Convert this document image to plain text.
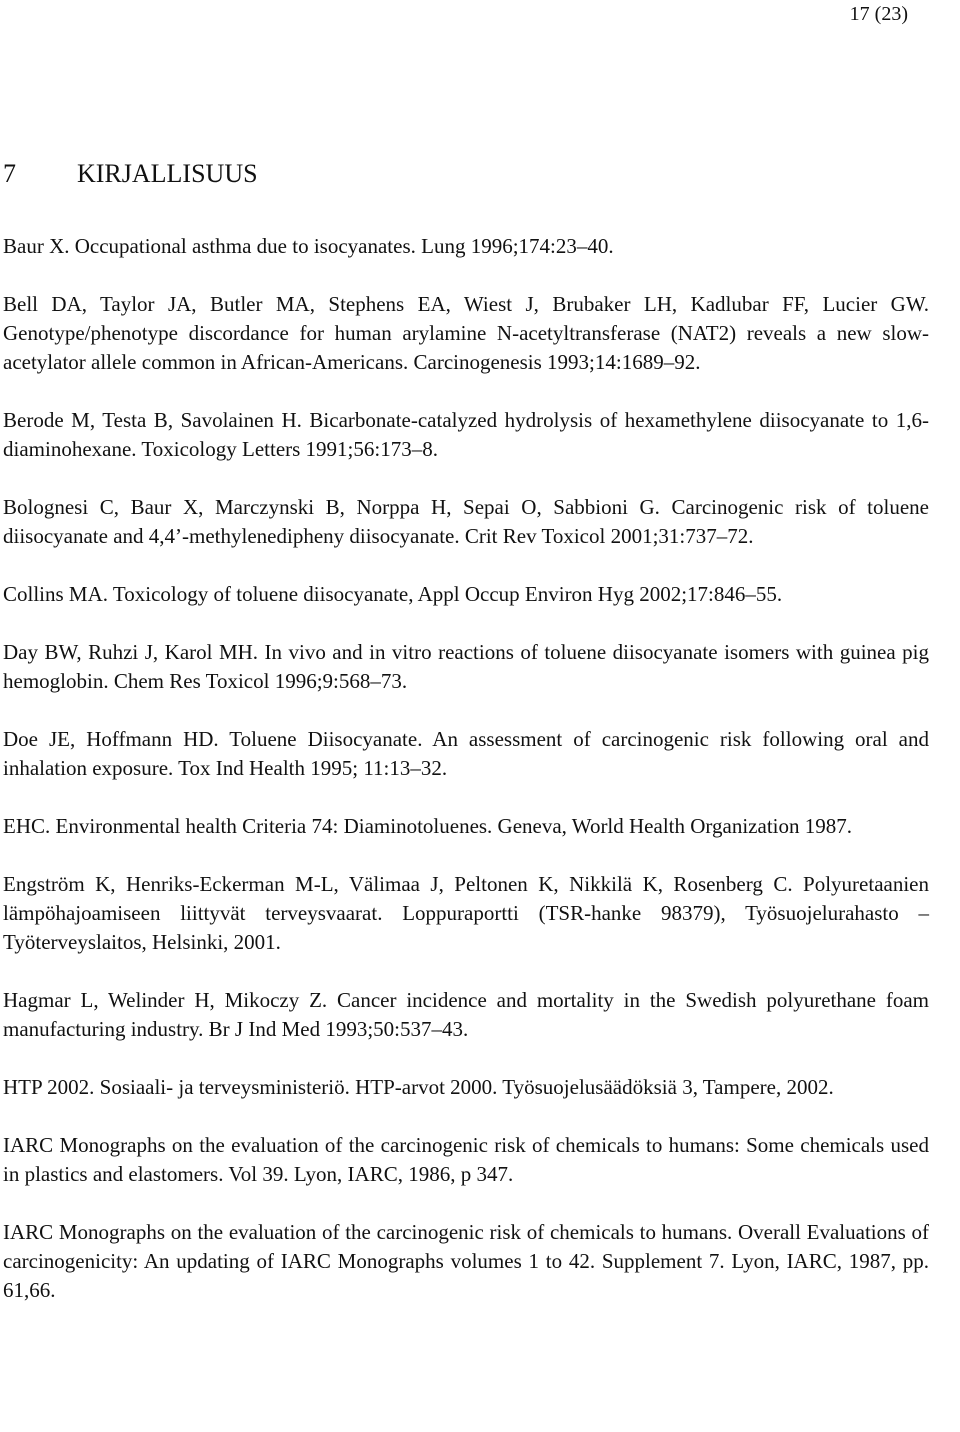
17 (23)
7 KIRJALLISUUS
Baur X. Occupational asthma due to isocyanates. Lung 1996;174:23–40.
Bell DA, Taylor JA, Butler MA, Stephens EA, Wiest J, Brubaker LH, Kadlubar FF, Lucier GW. Genotype/phenotype discordance for human arylamine N-acetyltransferase (NAT2) reveals a new slow-acetylator allele common in African-Americans. Carcinogenesis 1993;14:1689–92.
Berode M, Testa B, Savolainen H. Bicarbonate-catalyzed hydrolysis of hexamethylene diisocyanate to 1,6-diaminohexane. Toxicology Letters 1991;56:173–8.
Bolognesi C, Baur X, Marczynski B, Norppa H, Sepai O, Sabbioni G. Carcinogenic risk of toluene diisocyanate and 4,4’-methylenedipheny diisocyanate. Crit Rev Toxicol 2001;31:737–72.
Collins MA. Toxicology of toluene diisocyanate, Appl Occup Environ Hyg 2002;17:846–55.
Day BW, Ruhzi J, Karol MH. In vivo and in vitro reactions of toluene diisocyanate isomers with guinea pig hemoglobin. Chem Res Toxicol 1996;9:568–73.
Doe JE, Hoffmann HD. Toluene Diisocyanate. An assessment of carcinogenic risk following oral and inhalation exposure. Tox Ind Health 1995; 11:13–32.
EHC. Environmental health Criteria 74: Diaminotoluenes. Geneva, World Health Organization 1987.
Engström K, Henriks-Eckerman M-L, Välimaa J, Peltonen K, Nikkilä K, Rosenberg C. Polyuretaanien lämpöhajoamiseen liittyvät terveysvaarat. Loppuraportti (TSR-hanke 98379), Työsuojelurahasto – Työterveyslaitos, Helsinki, 2001.
Hagmar L, Welinder H, Mikoczy Z. Cancer incidence and mortality in the Swedish polyurethane foam manufacturing industry. Br J Ind Med 1993;50:537–43.
HTP 2002. Sosiaali- ja terveysministeriö. HTP-arvot 2000. Työsuojelusäädöksiä 3, Tampere, 2002.
IARC Monographs on the evaluation of the carcinogenic risk of chemicals to humans: Some chemicals used in plastics and elastomers. Vol 39. Lyon, IARC, 1986, p 347.
IARC Monographs on the evaluation of the carcinogenic risk of chemicals to humans. Overall Evaluations of carcinogenicity: An updating of IARC Monographs volumes 1 to 42. Supplement 7. Lyon, IARC, 1987, pp. 61,66.
